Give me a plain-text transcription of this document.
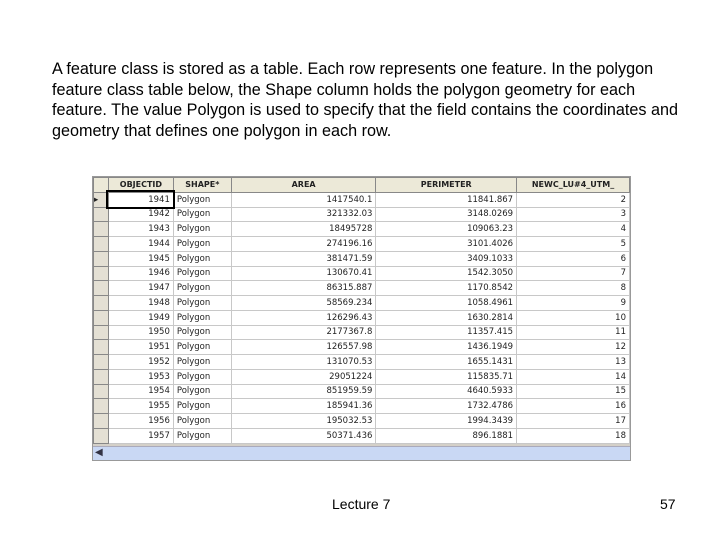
A feature class is stored as a table. Each row represents one feature. In the polygon feature class table below, the Shape column holds the polygon geometry for each feature. The value Polygon is used to specify that the field contains the coordinates and geometry that defines one polygon in each row.
	OBJECTID	SHAPE*	AREA	PERIMETER	NEWC_LU#4_UTM_
▸	1941	Polygon	1417540.1	11841.867	2
	1942	Polygon	321332.03	3148.0269	3
	1943	Polygon	18495728	109063.23	4
	1944	Polygon	274196.16	3101.4026	5
	1945	Polygon	381471.59	3409.1033	6
	1946	Polygon	130670.41	1542.3050	7
	1947	Polygon	86315.887	1170.8542	8
	1948	Polygon	58569.234	1058.4961	9
	1949	Polygon	126296.43	1630.2814	10
	1950	Polygon	2177367.8	11357.415	11
	1951	Polygon	126557.98	1436.1949	12
	1952	Polygon	131070.53	1655.1431	13
	1953	Polygon	29051224	115835.71	14
	1954	Polygon	851959.59	4640.5933	15
	1955	Polygon	185941.36	1732.4786	16
	1956	Polygon	195032.53	1994.3439	17
	1957	Polygon	50371.436	896.1881	18
◀
Lecture 7	57
